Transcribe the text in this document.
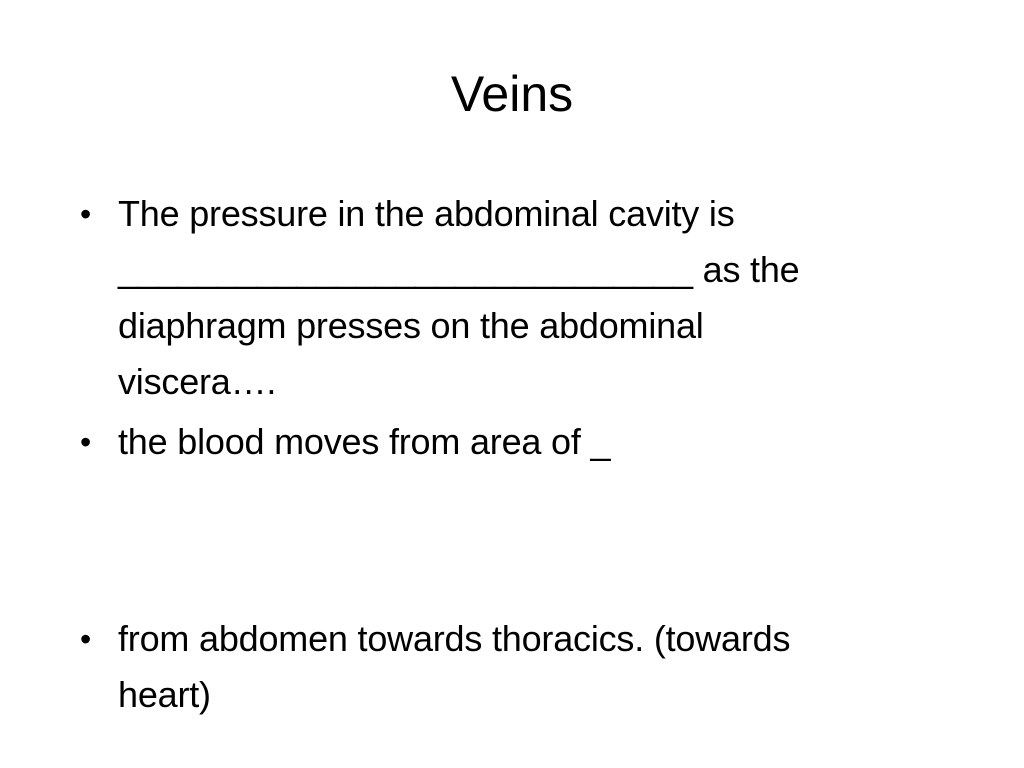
Veins
• The pressure in the abdominal cavity is
_____________________________ as the
diaphragm presses on the abdominal
viscera….
• the blood moves from area of _
• from abdomen towards thoracics. (towards
heart)
